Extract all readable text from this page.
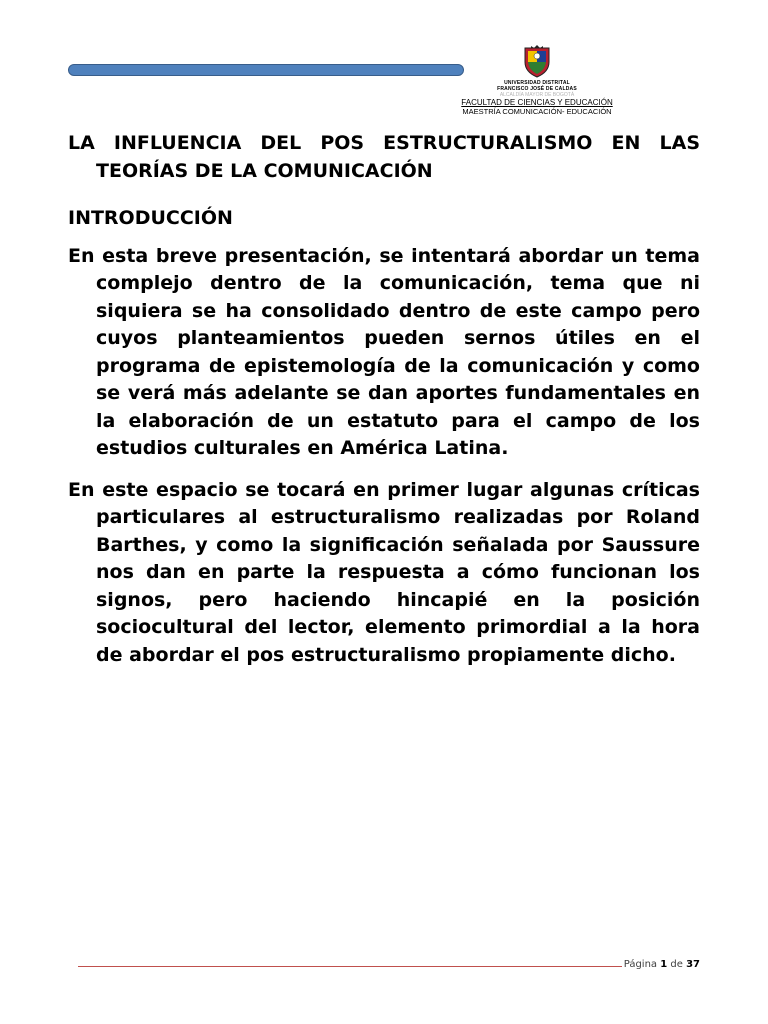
UNIVERSIDAD DISTRITAL
FRANCISCO JOSÉ DE CALDAS
ALCALDÍA MAYOR DE BOGOTÁ
FACULTAD DE CIENCIAS Y EDUCACIÓN
MAESTRÍA COMUNICACIÓN- EDUCACIÓN

LA INFLUENCIA DEL POS ESTRUCTURALISMO EN LAS TEORÍAS DE LA COMUNICACIÓN

INTRODUCCIÓN

En esta breve presentación, se intentará abordar un tema complejo dentro de la comunicación, tema que ni siquiera se ha consolidado dentro de este campo pero cuyos planteamientos pueden sernos útiles en el programa de epistemología de la comunicación y como se verá más adelante se dan aportes fundamentales en la elaboración de un estatuto para el campo de los estudios culturales en América Latina.

En este espacio se tocará en primer lugar algunas críticas particulares al estructuralismo realizadas por Roland Barthes, y como la significación señalada por Saussure nos dan en parte la respuesta a cómo funcionan los signos, pero haciendo hincapié en la posición sociocultural del lector, elemento primordial a la hora de abordar el pos estructuralismo propiamente dicho.

Página 1 de 37
